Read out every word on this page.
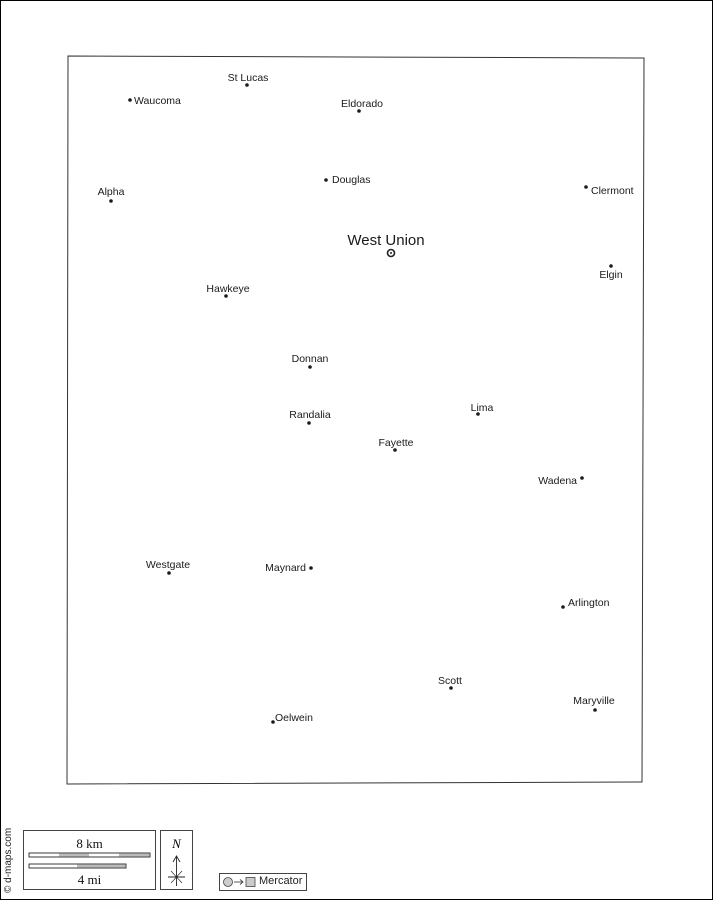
St Lucas
Waucoma	Eldorado
Douglas
Alpha	Clermont
Elgin
Hawkeye
Donnan
Randalia
Lima
Fayette
Wadena
Westgate	Maynard
Arlington
Scott
Maryville
Oelwein
West Union
© d-maps.com	8 km
4 mi
N
Mercator
